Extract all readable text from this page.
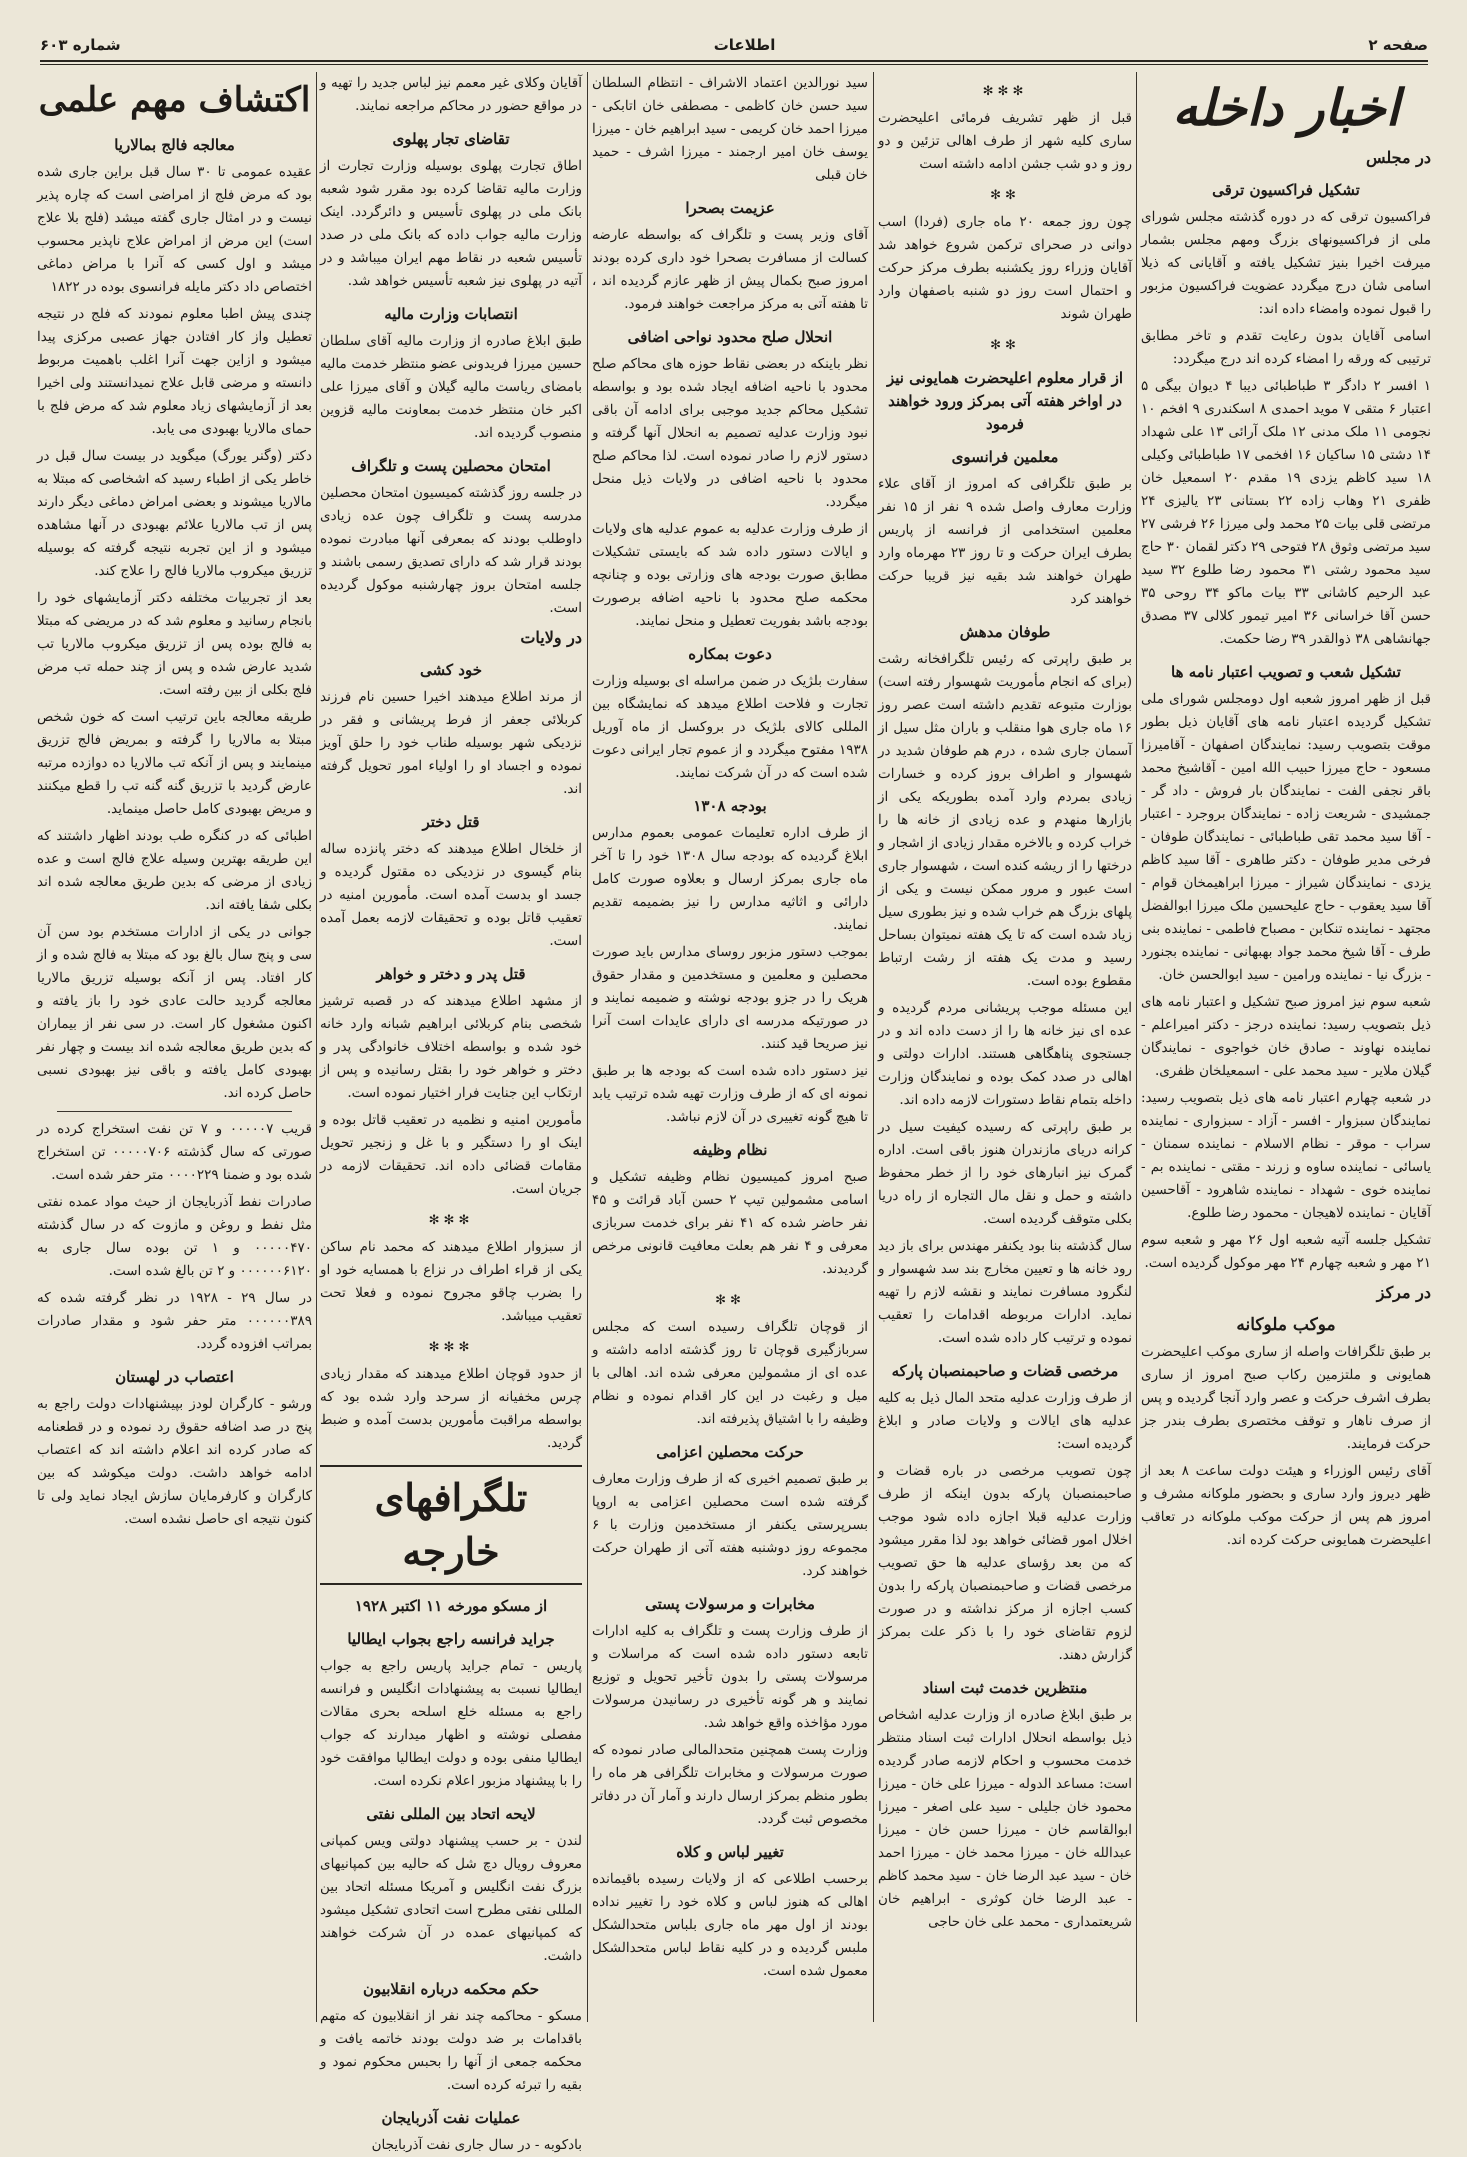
صفحه ۲
اطلاعات
شماره ۶۰۳
اخبار داخله
در مجلس
تشکیل فراکسیون ترقی

فراکسیون ترقی که در دوره گذشته مجلس شورای ملی از فراکسیونهای بزرگ ومهم مجلس بشمار میرفت اخیرا بنیز تشکیل یافته و آقایانی که ذیلا اسامی شان درج میگردد عضویت فراکسیون مزبور را قبول نموده وامضاء داده اند:

اسامی آقایان بدون رعایت تقدم و تاخر مطابق ترتیبی که ورقه را امضاء کرده اند درج میگردد:

۱ افسر ۲ دادگر ۳ طباطبائی دیبا ۴ دیوان بیگی ۵ اعتبار ۶ متقی ۷ موید احمدی ۸ اسکندری ۹ افخم ۱۰ نجومی ۱۱ ملک مدنی ۱۲ ملک آرائی ۱۳ علی شهداد ۱۴ دشتی ۱۵ ساکیان ۱۶ افخمی ۱۷ طباطبائی وکیلی ۱۸ سید کاظم یزدی ۱۹ مقدم ۲۰ اسمعیل خان ظفری ۲۱ وهاب زاده ۲۲ بستانی ۲۳ یالیزی ۲۴ مرتضی قلی بیات ۲۵ محمد ولی میرزا ۲۶ فرشی ۲۷ سید مرتضی وثوق ۲۸ فتوحی ۲۹ دکتر لقمان ۳۰ حاج سید محمود رشتی ۳۱ محمود رضا طلوع ۳۲ سید عبد الرحیم کاشانی ۳۳ بیات ماکو ۳۴ روحی ۳۵ حسن آقا خراسانی ۳۶ امیر تیمور کلالی ۳۷ مصدق جهانشاهی ۳۸ ذوالقدر ۳۹ رضا حکمت.

تشکیل شعب و تصویب اعتبار نامه ها

قبل از ظهر امروز شعبه اول دومجلس شورای ملی تشکیل گردیده اعتبار نامه های آقایان ذیل بطور موقت بتصویب رسید: نمایندگان اصفهان - آقامیرزا مسعود - حاج میرزا حبیب الله امین - آقاشیخ محمد باقر نجفی الفت - نمایندگان بار فروش - داد گر - جمشیدی - شریعت زاده - نمایندگان بروجرد - اعتبار - آقا سید محمد تقی طباطبائی - نمایندگان طوفان - فرخی مدیر طوفان - دکتر طاهری - آقا سید کاظم یزدی - نمایندگان شیراز - میرزا ابراهیمخان قوام - آقا سید یعقوب - حاج علیحسین ملک میرزا ابوالفضل مجتهد - نماینده تنکابن - مصباح فاطمی - نماینده بنی طرف - آقا شیخ محمد جواد بهبهانی - نماینده بجنورد - بزرگ نیا - نماینده ورامین - سید ابوالحسن خان.

شعبه سوم نیز امروز صبح تشکیل و اعتبار نامه های ذیل بتصویب رسید: نماینده درجز - دکتر امیراعلم - نماینده نهاوند - صادق خان خواجوی - نمایندگان گیلان ملایر - سید محمد علی - اسمعیلخان ظفری.

در شعبه چهارم اعتبار نامه های ذیل بتصویب رسید: نمایندگان سبزوار - افسر - آزاد - سبزواری - نماینده سراب - موقر - نظام الاسلام - نماینده سمنان - یاسائی - نماینده ساوه و زرند - مقتی - نماینده بم - نماینده خوی - شهداد - نماینده شاهرود - آقاحسین آقایان - نماینده لاهیجان - محمود رضا طلوع.

تشکیل جلسه آتیه شعبه اول ۲۶ مهر و شعبه سوم ۲۱ مهر و شعبه چهارم ۲۴ مهر موکول گردیده است.

در مرکز
موکب ملوکانه

بر طبق تلگرافات واصله از ساری موکب اعلیحضرت همایونی و ملتزمین رکاب صبح امروز از ساری بطرف اشرف حرکت و عصر وارد آنجا گردیده و پس از صرف ناهار و توقف مختصری بطرف بندر جز حرکت فرمایند.

آقای رئیس الوزراء و هیئت دولت ساعت ۸ بعد از ظهر دیروز وارد ساری و بحضور ملوکانه مشرف و امروز هم پس از حرکت موکب ملوکانه در تعاقب اعلیحضرت همایونی حرکت کرده اند.

✻✻✻

قبل از ظهر تشریف فرمائی اعلیحضرت ساری کلیه شهر از طرف اهالی تزئین و دو روز و دو شب جشن ادامه داشته است

✻✻

چون روز جمعه ۲۰ ماه جاری (فردا) اسب دوانی در صحرای ترکمن شروع خواهد شد آقایان وزراء روز یکشنبه بطرف مرکز حرکت و احتمال است روز دو شنبه باصفهان وارد طهران شوند

✻✻
از قرار معلوم اعلیحضرت همایونی نیز در اواخر هفته آتی بمرکز ورود خواهند فرمود
معلمین فرانسوی

بر طبق تلگرافی که امروز از آقای علاء وزارت معارف واصل شده ۹ نفر از ۱۵ نفر معلمین استخدامی از فرانسه از پاریس بطرف ایران حرکت و تا روز ۲۳ مهرماه وارد طهران خواهند شد بقیه نیز قریبا حرکت خواهند کرد

طوفان مدهش

بر طبق راپرتی که رئیس تلگرافخانه رشت (برای که انجام مأموریت شهسوار رفته است) بوزارت متبوعه تقدیم داشته است عصر روز ۱۶ ماه جاری هوا منقلب و باران مثل سیل از آسمان جاری شده ، درم هم طوفان شدید در شهسوار و اطراف بروز کرده و خسارات زیادی بمردم وارد آمده بطوریکه یکی از بازارها منهدم و عده زیادی از خانه ها را خراب کرده و بالاخره مقدار زیادی از اشجار و درختها را از ریشه کنده است ، شهسوار جاری است عبور و مرور ممکن نیست و یکی از پلهای بزرگ هم خراب شده و نیز بطوری سیل زیاد شده است که تا یک هفته نمیتوان بساحل رسید و مدت یک هفته از رشت ارتباط مقطوع بوده است.

این مسئله موجب پریشانی مردم گردیده و عده ای نیز خانه ها را از دست داده اند و در جستجوی پناهگاهی هستند. ادارات دولتی و اهالی در صدد کمک بوده و نمایندگان وزارت داخله بتمام نقاط دستورات لازمه داده اند.

بر طبق راپرتی که رسیده کیفیت سیل در کرانه دریای مازندران هنوز باقی است. اداره گمرک نیز انبارهای خود را از خطر محفوظ داشته و حمل و نقل مال التجاره از راه دریا بکلی متوقف گردیده است.

سال گذشته بنا بود یکنفر مهندس برای باز دید رود خانه ها و تعیین مخارج بند سد شهسوار و لنگرود مسافرت نمایند و نقشه لازم را تهیه نماید. ادارات مربوطه اقدامات را تعقیب نموده و ترتیب کار داده شده است.

مرخصی قضات و صاحبمنصبان پارکه

از طرف وزارت عدلیه متحد المال ذیل به کلیه عدلیه های ایالات و ولایات صادر و ابلاغ گردیده است:

چون تصویب مرخصی در باره قضات و صاحبمنصبان پارکه بدون اینکه از طرف وزارت عدلیه قبلا اجازه داده شود موجب اخلال امور قضائی خواهد بود لذا مقرر میشود که من بعد رؤسای عدلیه ها حق تصویب مرخصی قضات و صاحبمنصبان پارکه را بدون کسب اجازه از مرکز نداشته و در صورت لزوم تقاضای خود را با ذکر علت بمرکز گزارش دهند.

منتظرین خدمت ثبت اسناد

بر طبق ابلاغ صادره از وزارت عدلیه اشخاص ذیل بواسطه انحلال ادارات ثبت اسناد منتظر خدمت محسوب و احکام لازمه صادر گردیده است: مساعد الدوله - میرزا علی خان - میرزا محمود خان جلیلی - سید علی اصغر - میرزا ابوالقاسم خان - میرزا حسن خان - میرزا عبدالله خان - میرزا محمد خان - میرزا احمد خان - سید عبد الرضا خان - سید محمد کاظم - عبد الرضا خان کوثری - ابراهیم خان شریعتمداری - محمد علی خان حاجی

سید نورالدین اعتماد الاشراف - انتظام السلطان سید حسن خان کاظمی - مصطفی خان اتابکی - میرزا احمد خان کریمی - سید ابراهیم خان - میرزا یوسف خان امیر ارجمند - میرزا اشرف - حمید خان قبلی

عزیمت بصحرا

آقای وزیر پست و تلگراف که بواسطه عارضه کسالت از مسافرت بصحرا خود داری کرده بودند امروز صبح بکمال پیش از ظهر عازم گردیده اند ، تا هفته آتی به مرکز مراجعت خواهند فرمود.

انحلال صلح محدود نواحی اضافی

نظر باینکه در بعضی نقاط حوزه های محاکم صلح محدود با ناحیه اضافه ایجاد شده بود و بواسطه تشکیل محاکم جدید موجبی برای ادامه آن باقی نبود وزارت عدلیه تصمیم به انحلال آنها گرفته و دستور لازم را صادر نموده است. لذا محاکم صلح محدود با ناحیه اضافی در ولایات ذیل منحل میگردد.

از طرف وزارت عدلیه به عموم عدلیه های ولایات و ایالات دستور داده شد که بایستی تشکیلات مطابق صورت بودجه های وزارتی بوده و چنانچه محکمه صلح محدود با ناحیه اضافه برصورت بودجه باشد بفوریت تعطیل و منحل نمایند.

دعوت بمکاره

سفارت بلژیک در ضمن مراسله ای بوسیله وزارت تجارت و فلاحت اطلاع میدهد که نمایشگاه بین المللی کالای بلژیک در بروکسل از ماه آوریل ۱۹۳۸ مفتوح میگردد و از عموم تجار ایرانی دعوت شده است که در آن شرکت نمایند.

بودجه ۱۳۰۸

از طرف اداره تعلیمات عمومی بعموم مدارس ابلاغ گردیده که بودجه سال ۱۳۰۸ خود را تا آخر ماه جاری بمرکز ارسال و بعلاوه صورت کامل دارائی و اثاثیه مدارس را نیز بضمیمه تقدیم نمایند.

بموجب دستور مزبور روسای مدارس باید صورت محصلین و معلمین و مستخدمین و مقدار حقوق هریک را در جزو بودجه نوشته و ضمیمه نمایند و در صورتیکه مدرسه ای دارای عایدات است آنرا نیز صریحا قید کنند.

نیز دستور داده شده است که بودجه ها بر طبق نمونه ای که از طرف وزارت تهیه شده ترتیب یابد تا هیچ گونه تغییری در آن لازم نباشد.

نظام وظیفه

صبح امروز کمیسیون نظام وظیفه تشکیل و اسامی مشمولین تیپ ۲ حسن آباد قرائت و ۴۵ نفر حاضر شده که ۴۱ نفر برای خدمت سربازی معرفی و ۴ نفر هم بعلت معافیت قانونی مرخص گردیدند.

✻✻

از قوچان تلگراف رسیده است که مجلس سربازگیری قوچان تا روز گذشته ادامه داشته و عده ای از مشمولین معرفی شده اند. اهالی با میل و رغبت در این کار اقدام نموده و نظام وظیفه را با اشتیاق پذیرفته اند.

حرکت محصلین اعزامی

بر طبق تصمیم اخیری که از طرف وزارت معارف گرفته شده است محصلین اعزامی به اروپا بسرپرستی یکنفر از مستخدمین وزارت با ۶ مجموعه روز دوشنبه هفته آتی از طهران حرکت خواهند کرد.

مخابرات و مرسولات پستی

از طرف وزارت پست و تلگراف به کلیه ادارات تابعه دستور داده شده است که مراسلات و مرسولات پستی را بدون تأخیر تحویل و توزیع نمایند و هر گونه تأخیری در رسانیدن مرسولات مورد مؤاخذه واقع خواهد شد.

وزارت پست همچنین متحدالمالی صادر نموده که صورت مرسولات و مخابرات تلگرافی هر ماه را بطور منظم بمرکز ارسال دارند و آمار آن در دفاتر مخصوص ثبت گردد.

تغییر لباس و کلاه

برحسب اطلاعی که از ولایات رسیده باقیمانده اهالی که هنوز لباس و کلاه خود را تغییر نداده بودند از اول مهر ماه جاری بلباس متحدالشکل ملبس گردیده و در کلیه نقاط لباس متحدالشکل معمول شده است.

آقایان وکلای غیر معمم نیز لباس جدید را تهیه و در مواقع حضور در محاکم مراجعه نمایند.

تقاضای تجار پهلوی

اطاق تجارت پهلوی بوسیله وزارت تجارت از وزارت مالیه تقاضا کرده بود مقرر شود شعبه بانک ملی در پهلوی تأسیس و دائرگردد. اینک وزارت مالیه جواب داده که بانک ملی در صدد تأسیس شعبه در نقاط مهم ایران میباشد و در آتیه در پهلوی نیز شعبه تأسیس خواهد شد.

انتصابات وزارت مالیه

طبق ابلاغ صادره از وزارت مالیه آقای سلطان حسین میرزا فریدونی عضو منتظر خدمت مالیه بامضای ریاست مالیه گیلان و آقای میرزا علی اکبر خان منتظر خدمت بمعاونت مالیه قزوین منصوب گردیده اند.

امتحان محصلین پست و تلگراف

در جلسه روز گذشته کمیسیون امتحان محصلین مدرسه پست و تلگراف چون عده زیادی داوطلب بودند که بمعرفی آنها مبادرت نموده بودند قرار شد که دارای تصدیق رسمی باشند و جلسه امتحان بروز چهارشنبه موکول گردیده است.

در ولایات
خود کشی

از مرند اطلاع میدهند اخیرا حسین نام فرزند کربلائی جعفر از فرط پریشانی و فقر در نزدیکی شهر بوسیله طناب خود را حلق آویز نموده و اجساد او را اولیاء امور تحویل گرفته اند.

قتل دختر

از خلخال اطلاع میدهند که دختر پانزده ساله بنام گیسوی در نزدیکی ده مقتول گردیده و جسد او بدست آمده است. مأمورین امنیه در تعقیب قاتل بوده و تحقیقات لازمه بعمل آمده است.

قتل پدر و دختر و خواهر

از مشهد اطلاع میدهند که در قصبه ترشیز شخصی بنام کربلائی ابراهیم شبانه وارد خانه خود شده و بواسطه اختلاف خانوادگی پدر و دختر و خواهر خود را بقتل رسانیده و پس از ارتکاب این جنایت فرار اختیار نموده است.

مأمورین امنیه و نظمیه در تعقیب قاتل بوده و اینک او را دستگیر و با غل و زنجیر تحویل مقامات قضائی داده اند. تحقیقات لازمه در جریان است.

✻✻✻

از سبزوار اطلاع میدهند که محمد نام ساکن یکی از قراء اطراف در نزاع با همسایه خود او را بضرب چاقو مجروح نموده و فعلا تحت تعقیب میباشد.

✻✻✻

از حدود قوچان اطلاع میدهند که مقدار زیادی چرس مخفیانه از سرحد وارد شده بود که بواسطه مراقبت مأمورین بدست آمده و ضبط گردید.

تلگرافهای خارجه
از مسکو مورخه ۱۱ اکتبر ۱۹۲۸
جراید فرانسه راجع بجواب ایطالیا

پاریس - تمام جراید پاریس راجع به جواب ایطالیا نسبت به پیشنهادات انگلیس و فرانسه راجع به مسئله خلع اسلحه بحری مقالات مفصلی نوشته و اظهار میدارند که جواب ایطالیا منفی بوده و دولت ایطالیا موافقت خود را با پیشنهاد مزبور اعلام نکرده است.

لایحه اتحاد بین المللی نفتی

لندن - بر حسب پیشنهاد دولتی ویس کمپانی معروف رویال دچ شل که حالیه بین کمپانیهای بزرگ نفت انگلیس و آمریکا مسئله اتحاد بین المللی نفتی مطرح است اتحادی تشکیل میشود که کمپانیهای عمده در آن شرکت خواهند داشت.

حکم محکمه درباره انقلابیون

مسکو - محاکمه چند نفر از انقلابیون که متهم باقدامات بر ضد دولت بودند خاتمه یافت و محکمه جمعی از آنها را بحبس محکوم نمود و بقیه را تبرئه کرده است.

عملیات نفت آذربایجان

بادکوبه - در سال جاری نفت آذربایجان

اکتشاف مهم علمی
معالجه فالج بمالاریا

عقیده عمومی تا ۳۰ سال قبل براین جاری شده بود که مرض فلج از امراضی است که چاره پذیر نیست و در امثال جاری گفته میشد (فلج بلا علاج است) این مرض از امراض علاج ناپذیر محسوب میشد و اول کسی که آنرا با مراض دماغی اختصاص داد دکتر مایله فرانسوی بوده در ۱۸۲۲

چندی پیش اطبا معلوم نمودند که فلج در نتیجه تعطیل واز کار افتادن جهاز عصبی مرکزی پیدا میشود و ازاین جهت آنرا اغلب باهمیت مربوط دانسته و مرضی قابل علاج نمیدانستند ولی اخیرا بعد از آزمایشهای زیاد معلوم شد که مرض فلج با حمای مالاریا بهبودی می یابد.

دکتر (وگنر یورگ) میگوید در بیست سال قبل در خاطر یکی از اطباء رسید که اشخاصی که مبتلا به مالاریا میشوند و بعضی امراض دماغی دیگر دارند پس از تب مالاریا علائم بهبودی در آنها مشاهده میشود و از این تجربه نتیجه گرفته که بوسیله تزریق میکروب مالاریا فالج را علاج کند.

بعد از تجربیات مختلفه دکتر آزمایشهای خود را بانجام رسانید و معلوم شد که در مریضی که مبتلا به فالج بوده پس از تزریق میکروب مالاریا تب شدید عارض شده و پس از چند حمله تب مرض فلج بکلی از بین رفته است.

طریقه معالجه باین ترتیب است که خون شخص مبتلا به مالاریا را گرفته و بمریض فالج تزریق مینمایند و پس از آنکه تب مالاریا ده دوازده مرتبه عارض گردید با تزریق گنه گنه تب را قطع میکنند و مریض بهبودی کامل حاصل مینماید.

اطبائی که در کنگره طب بودند اظهار داشتند که این طریقه بهترین وسیله علاج فالج است و عده زیادی از مرضی که بدین طریق معالجه شده اند بکلی شفا یافته اند.

جوانی در یکی از ادارات مستخدم بود سن آن سی و پنج سال بالغ بود که مبتلا به فالج شده و از کار افتاد. پس از آنکه بوسیله تزریق مالاریا معالجه گردید حالت عادی خود را باز یافته و اکنون مشغول کار است. در سی نفر از بیماران که بدین طریق معالجه شده اند بیست و چهار نفر بهبودی کامل یافته و باقی نیز بهبودی نسبی حاصل کرده اند.

قریب ۰۰۰۰۰۷ و ۷ تن نفت استخراج کرده در صورتی که سال گذشته ۰۰۰۰۰۷۰۶ تن استخراج شده بود و ضمنا ۰۰۰۰۲۲۹ متر حفر شده است.

صادرات نفط آذربایجان از حیث مواد عمده نفتی مثل نفط و روغن و مازوت که در سال گذشته ۰۰۰۰۰۴۷۰ و ۱ تن بوده سال جاری به ۰۰۰۰۰۰۶۱۲۰ و ۲ تن بالغ شده است.

در سال ۲۹ - ۱۹۲۸ در نظر گرفته شده که ۰۰۰۰۰۰۳۸۹ متر حفر شود و مقدار صادرات بمراتب افزوده گردد.

اعتصاب در لهستان

ورشو - کارگران لودز بپیشنهادات دولت راجع به پنج در صد اضافه حقوق رد نموده و در قطعنامه که صادر کرده اند اعلام داشته اند که اعتصاب ادامه خواهد داشت. دولت میکوشد که بین کارگران و کارفرمایان سازش ایجاد نماید ولی تا کنون نتیجه ای حاصل نشده است.
